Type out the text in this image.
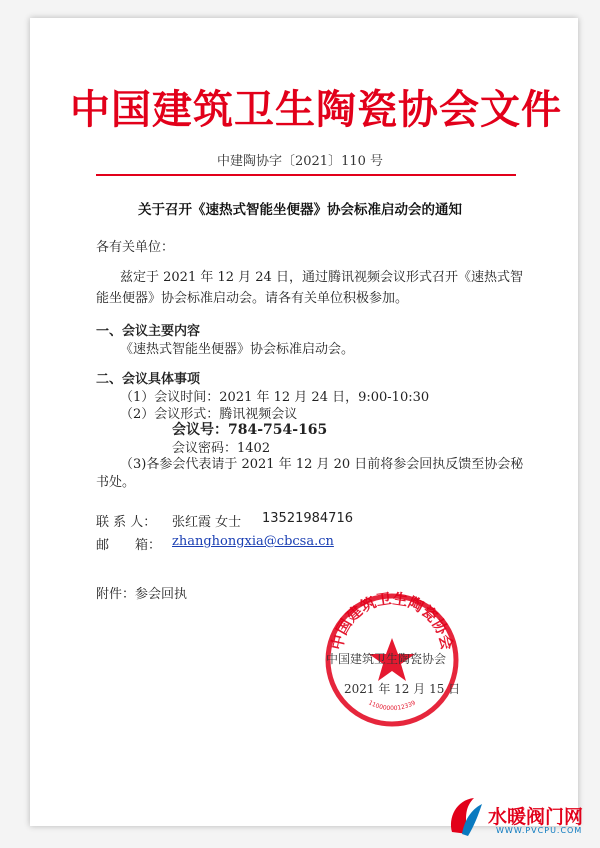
中国建筑卫生陶瓷协会文件
中建陶协字〔2021〕110 号
关于召开《速热式智能坐便器》协会标准启动会的通知
各有关单位：
兹定于 2021 年 12 月 24 日，通过腾讯视频会议形式召开《速热式智
能坐便器》协会标准启动会。请各有关单位积极参加。
一、会议主要内容
《速热式智能坐便器》协会标准启动会。
二、会议具体事项
（1）会议时间：2021 年 12 月 24 日，9:00-10:30
（2）会议形式：腾讯视频会议
会议号：784-754-165
会议密码：1402
（3)各参会代表请于 2021 年 12 月 20 日前将参会回执反馈至协会秘
书处。
联 系 人： 张红霞 女士 13521984716
邮　　箱： zhanghongxia@cbcsa.cn
附件：参会回执
中国建筑卫生陶瓷协会
1100000012339
中国建筑卫生陶瓷协会
2021 年 12 月 15 日
水暖阀门网
WWW.PVCPU.COM
